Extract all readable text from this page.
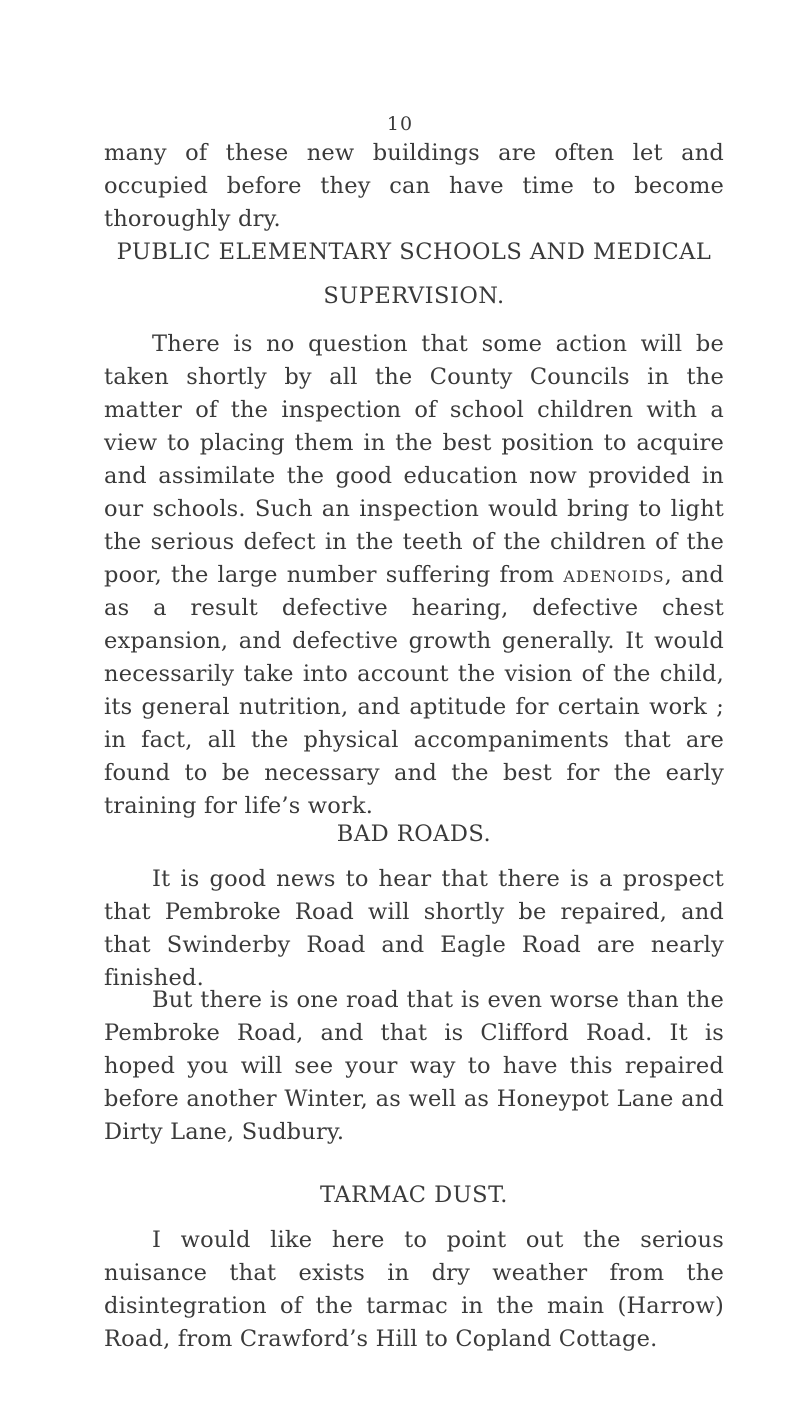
10

many of these new buildings are often let and occupied before they can have time to become thoroughly dry.

PUBLIC ELEMENTARY SCHOOLS AND MEDICAL
SUPERVISION.

There is no question that some action will be taken shortly by all the County Councils in the matter of the inspection of school children with a view to placing them in the best position to acquire and assimilate the good education now provided in our schools. Such an inspection would bring to light the serious defect in the teeth of the children of the poor, the large number suffering from adenoids, and as a result defective hearing, defective chest expansion, and defective growth generally. It would necessarily take into account the vision of the child, its general nutrition, and aptitude for certain work ; in fact, all the physical accompaniments that are found to be necessary and the best for the early training for life’s work.

BAD ROADS.

It is good news to hear that there is a prospect that Pembroke Road will shortly be repaired, and that Swinderby Road and Eagle Road are nearly finished.

But there is one road that is even worse than the Pembroke Road, and that is Clifford Road. It is hoped you will see your way to have this repaired before another Winter, as well as Honeypot Lane and Dirty Lane, Sudbury.

TARMAC DUST.

I would like here to point out the serious nuisance that exists in dry weather from the disintegration of the tarmac in the main (Harrow) Road, from Crawford’s Hill to Copland Cottage.
